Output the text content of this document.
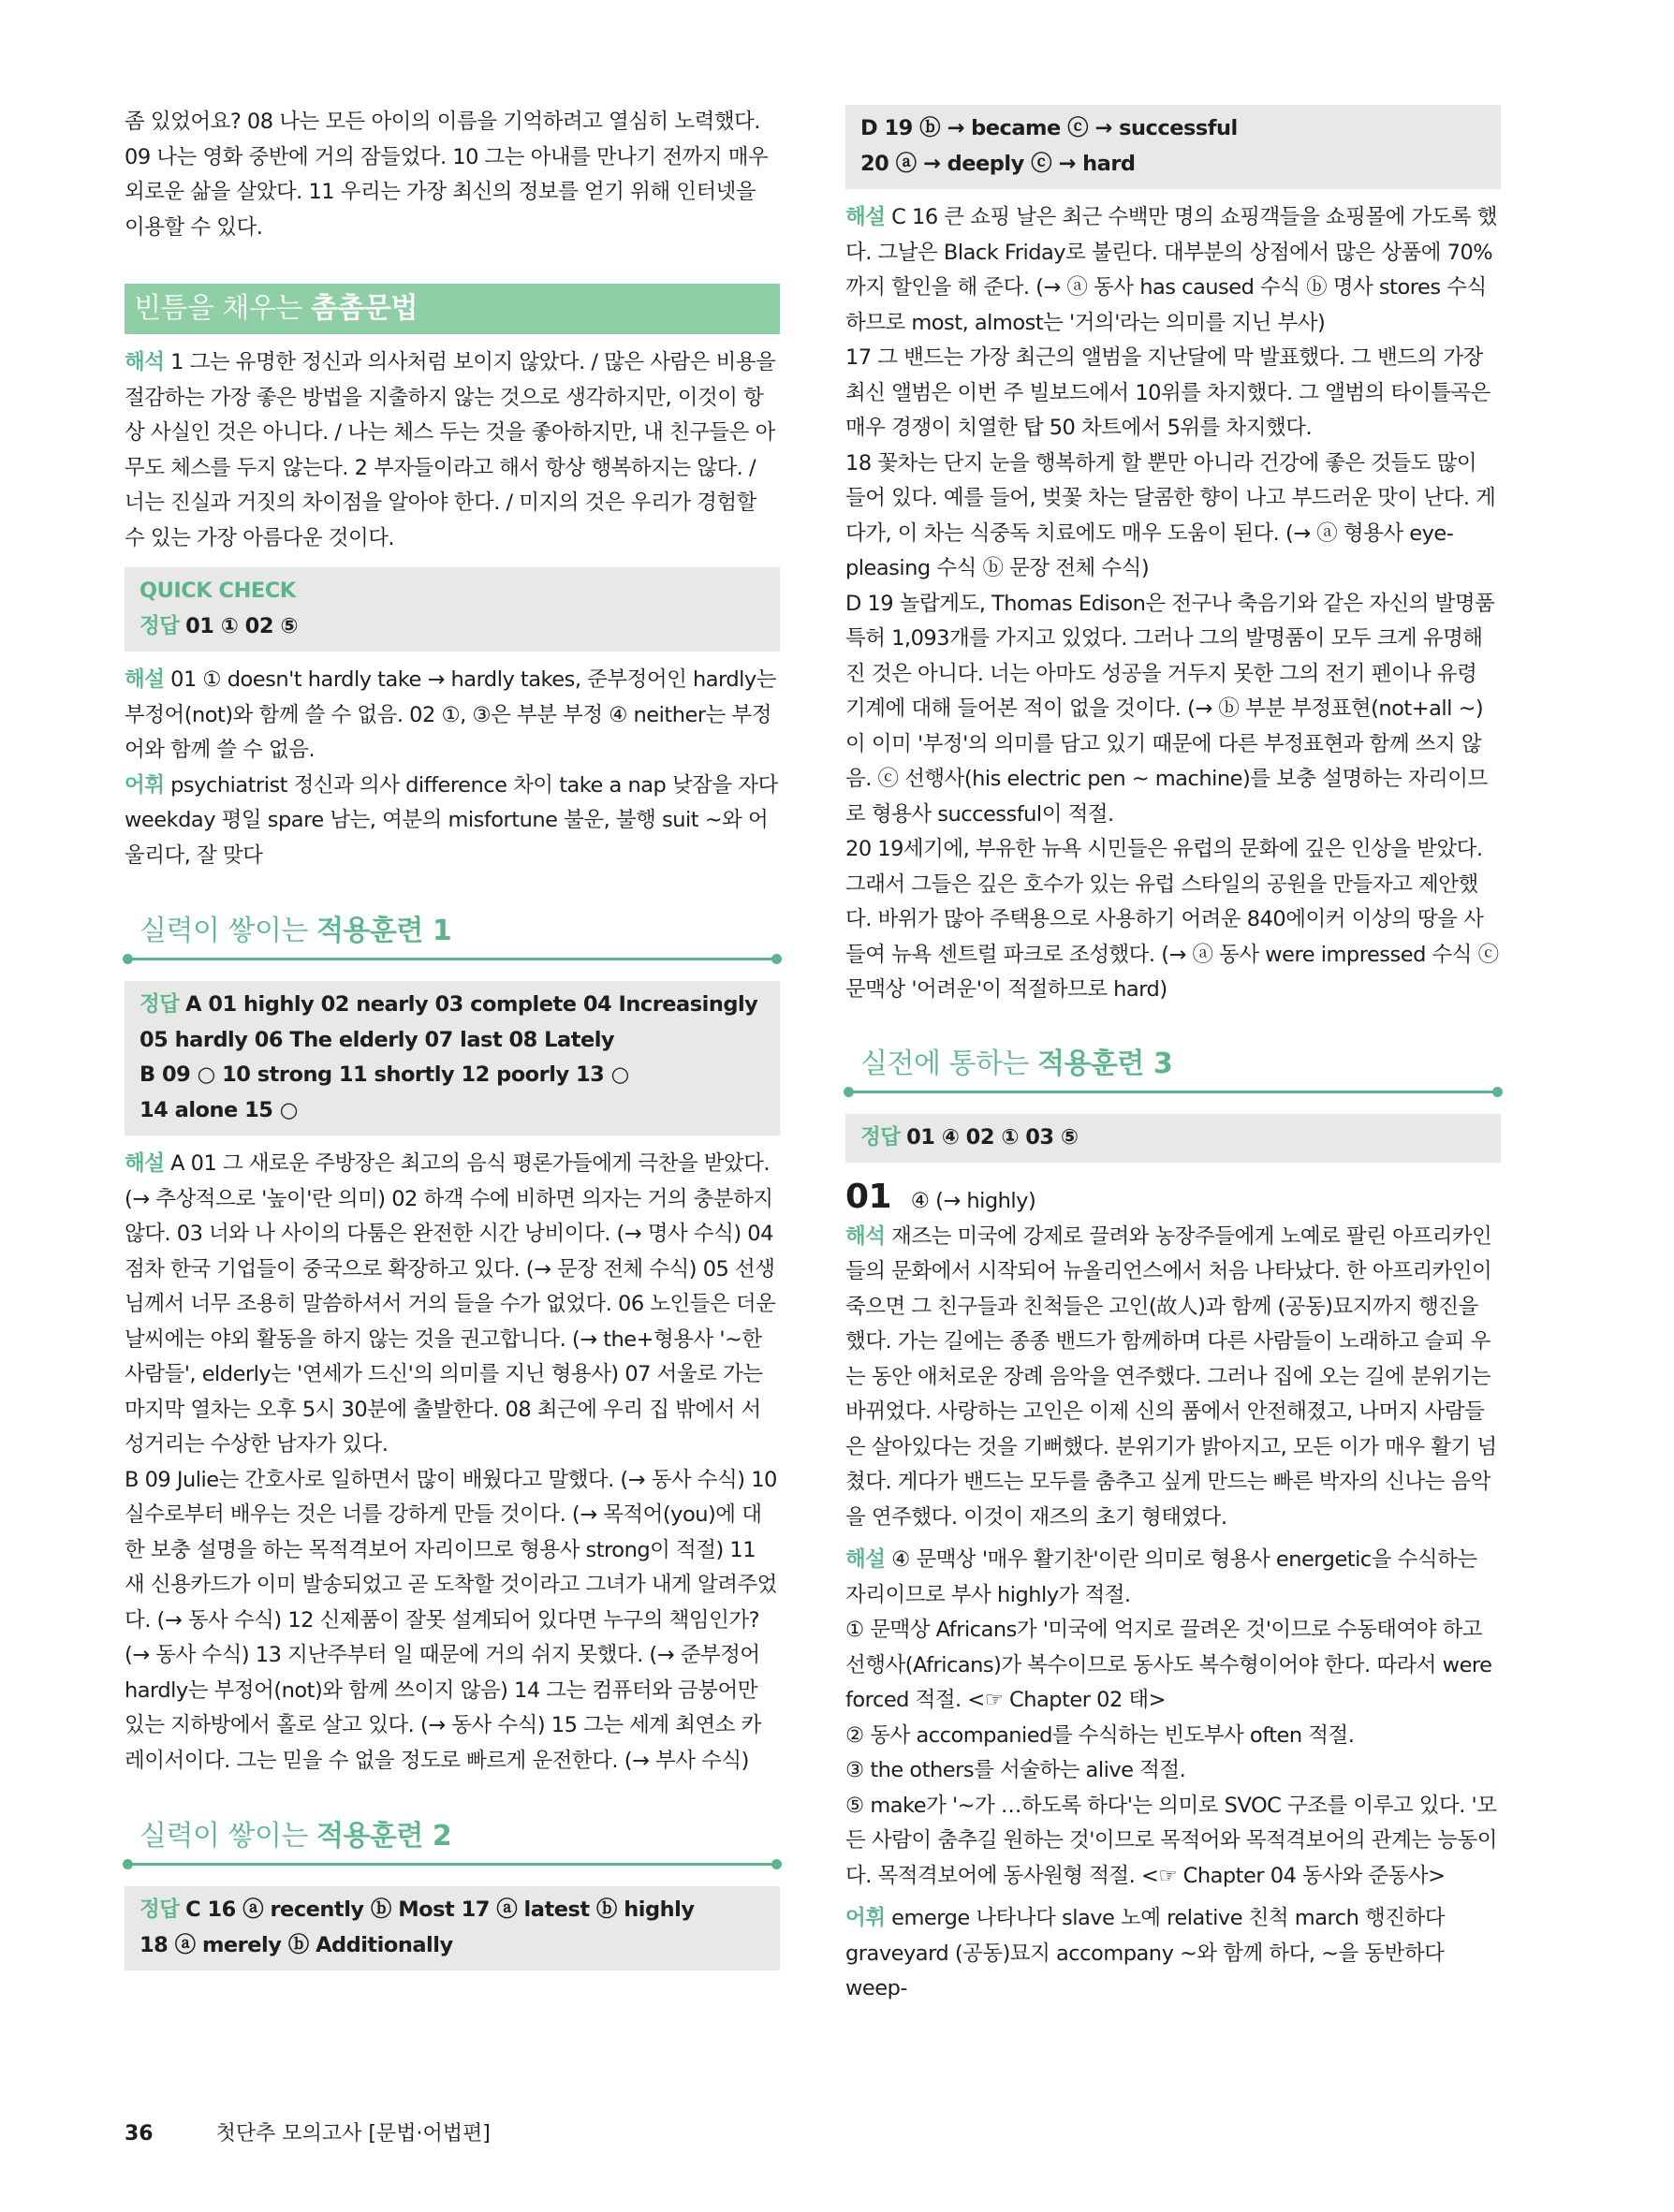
좀 있었어요? 08 나는 모든 아이의 이름을 기억하려고 열심히 노력했다. 09 나는 영화 중반에 거의 잠들었다. 10 그는 아내를 만나기 전까지 매우 외로운 삶을 살았다. 11 우리는 가장 최신의 정보를 얻기 위해 인터넷을 이용할 수 있다.

빈틈을 채우는 촘촘문법

해석 1 그는 유명한 정신과 의사처럼 보이지 않았다. / 많은 사람은 비용을 절감하는 가장 좋은 방법을 지출하지 않는 것으로 생각하지만, 이것이 항상 사실인 것은 아니다. / 나는 체스 두는 것을 좋아하지만, 내 친구들은 아무도 체스를 두지 않는다. 2 부자들이라고 해서 항상 행복하지는 않다. / 너는 진실과 거짓의 차이점을 알아야 한다. / 미지의 것은 우리가 경험할 수 있는 가장 아름다운 것이다.

QUICK CHECK
정답 01 ① 02 ⑤

해설 01 ① doesn't hardly take → hardly takes, 준부정어인 hardly는 부정어(not)와 함께 쓸 수 없음. 02 ①, ③은 부분 부정 ④ neither는 부정어와 함께 쓸 수 없음.

어휘 psychiatrist 정신과 의사 difference 차이 take a nap 낮잠을 자다 weekday 평일 spare 남는, 여분의 misfortune 불운, 불행 suit ~와 어울리다, 잘 맞다

실력이 쌓이는 적용훈련 1
정답 A 01 highly 02 nearly 03 complete 04 Increasingly
05 hardly 06 The elderly 07 last 08 Lately
B 09 ○ 10 strong 11 shortly 12 poorly 13 ○
14 alone 15 ○

해설 A 01 그 새로운 주방장은 최고의 음식 평론가들에게 극찬을 받았다. (→ 추상적으로 '높이'란 의미) 02 하객 수에 비하면 의자는 거의 충분하지 않다. 03 너와 나 사이의 다툼은 완전한 시간 낭비이다. (→ 명사 수식) 04 점차 한국 기업들이 중국으로 확장하고 있다. (→ 문장 전체 수식) 05 선생님께서 너무 조용히 말씀하셔서 거의 들을 수가 없었다. 06 노인들은 더운 날씨에는 야외 활동을 하지 않는 것을 권고합니다. (→ the+형용사 '~한 사람들', elderly는 '연세가 드신'의 의미를 지닌 형용사) 07 서울로 가는 마지막 열차는 오후 5시 30분에 출발한다. 08 최근에 우리 집 밖에서 서성거리는 수상한 남자가 있다.

B 09 Julie는 간호사로 일하면서 많이 배웠다고 말했다. (→ 동사 수식) 10 실수로부터 배우는 것은 너를 강하게 만들 것이다. (→ 목적어(you)에 대한 보충 설명을 하는 목적격보어 자리이므로 형용사 strong이 적절) 11 새 신용카드가 이미 발송되었고 곧 도착할 것이라고 그녀가 내게 알려주었다. (→ 동사 수식) 12 신제품이 잘못 설계되어 있다면 누구의 책임인가? (→ 동사 수식) 13 지난주부터 일 때문에 거의 쉬지 못했다. (→ 준부정어 hardly는 부정어(not)와 함께 쓰이지 않음) 14 그는 컴퓨터와 금붕어만 있는 지하방에서 홀로 살고 있다. (→ 동사 수식) 15 그는 세계 최연소 카레이서이다. 그는 믿을 수 없을 정도로 빠르게 운전한다. (→ 부사 수식)

실력이 쌓이는 적용훈련 2
정답 C 16 ⓐ recently ⓑ Most 17 ⓐ latest ⓑ highly
18 ⓐ merely ⓑ Additionally
D 19 ⓑ → became ⓒ → successful
20 ⓐ → deeply ⓒ → hard

해설 C 16 큰 쇼핑 날은 최근 수백만 명의 쇼핑객들을 쇼핑몰에 가도록 했다. 그날은 Black Friday로 불린다. 대부분의 상점에서 많은 상품에 70%까지 할인을 해 준다. (→ ⓐ 동사 has caused 수식 ⓑ 명사 stores 수식하므로 most, almost는 '거의'라는 의미를 지닌 부사)

17 그 밴드는 가장 최근의 앨범을 지난달에 막 발표했다. 그 밴드의 가장 최신 앨범은 이번 주 빌보드에서 10위를 차지했다. 그 앨범의 타이틀곡은 매우 경쟁이 치열한 탑 50 차트에서 5위를 차지했다.

18 꽃차는 단지 눈을 행복하게 할 뿐만 아니라 건강에 좋은 것들도 많이 들어 있다. 예를 들어, 벚꽃 차는 달콤한 향이 나고 부드러운 맛이 난다. 게다가, 이 차는 식중독 치료에도 매우 도움이 된다. (→ ⓐ 형용사 eye-pleasing 수식 ⓑ 문장 전체 수식)

D 19 놀랍게도, Thomas Edison은 전구나 축음기와 같은 자신의 발명품 특허 1,093개를 가지고 있었다. 그러나 그의 발명품이 모두 크게 유명해진 것은 아니다. 너는 아마도 성공을 거두지 못한 그의 전기 펜이나 유령 기계에 대해 들어본 적이 없을 것이다. (→ ⓑ 부분 부정표현(not+all ~)이 이미 '부정'의 의미를 담고 있기 때문에 다른 부정표현과 함께 쓰지 않음. ⓒ 선행사(his electric pen ~ machine)를 보충 설명하는 자리이므로 형용사 successful이 적절.

20 19세기에, 부유한 뉴욕 시민들은 유럽의 문화에 깊은 인상을 받았다. 그래서 그들은 깊은 호수가 있는 유럽 스타일의 공원을 만들자고 제안했다. 바위가 많아 주택용으로 사용하기 어려운 840에이커 이상의 땅을 사들여 뉴욕 센트럴 파크로 조성했다. (→ ⓐ 동사 were impressed 수식 ⓒ 문맥상 '어려운'이 적절하므로 hard)

실전에 통하는 적용훈련 3
정답 01 ④ 02 ① 03 ⑤
01 ④ (→ highly)

해석 재즈는 미국에 강제로 끌려와 농장주들에게 노예로 팔린 아프리카인들의 문화에서 시작되어 뉴올리언스에서 처음 나타났다. 한 아프리카인이 죽으면 그 친구들과 친척들은 고인(故人)과 함께 (공동)묘지까지 행진을 했다. 가는 길에는 종종 밴드가 함께하며 다른 사람들이 노래하고 슬피 우는 동안 애처로운 장례 음악을 연주했다. 그러나 집에 오는 길에 분위기는 바뀌었다. 사랑하는 고인은 이제 신의 품에서 안전해졌고, 나머지 사람들은 살아있다는 것을 기뻐했다. 분위기가 밝아지고, 모든 이가 매우 활기 넘쳤다. 게다가 밴드는 모두를 춤추고 싶게 만드는 빠른 박자의 신나는 음악을 연주했다. 이것이 재즈의 초기 형태였다.

해설 ④ 문맥상 '매우 활기찬'이란 의미로 형용사 energetic을 수식하는 자리이므로 부사 highly가 적절.

① 문맥상 Africans가 '미국에 억지로 끌려온 것'이므로 수동태여야 하고 선행사(Africans)가 복수이므로 동사도 복수형이어야 한다. 따라서 were forced 적절. <☞ Chapter 02 태>

② 동사 accompanied를 수식하는 빈도부사 often 적절.

③ the others를 서술하는 alive 적절.

⑤ make가 '~가 …하도록 하다'는 의미로 SVOC 구조를 이루고 있다. '모든 사람이 춤추길 원하는 것'이므로 목적어와 목적격보어의 관계는 능동이다. 목적격보어에 동사원형 적절. <☞ Chapter 04 동사와 준동사>

어휘 emerge 나타나다 slave 노예 relative 친척 march 행진하다 graveyard (공동)묘지 accompany ~와 함께 하다, ~을 동반하다 weep-

36	첫단추 모의고사 [문법·어법편]
